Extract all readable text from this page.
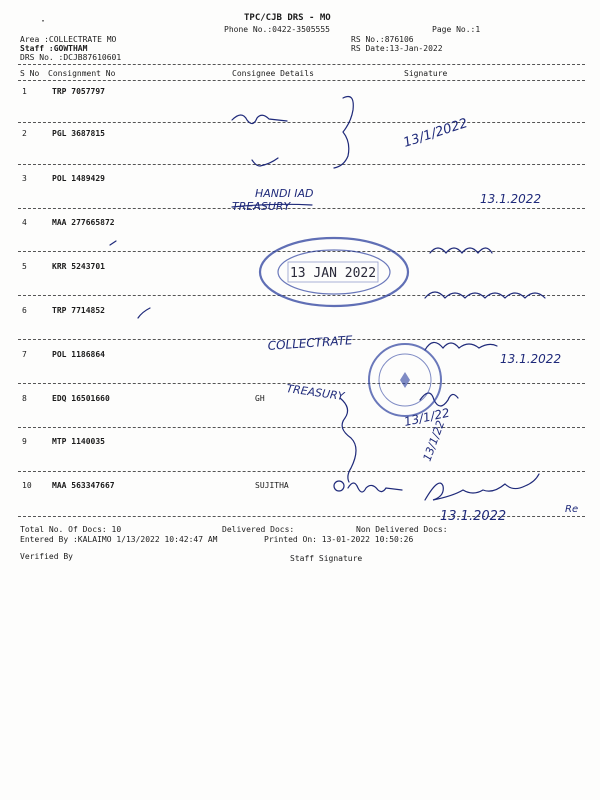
·	TPC/CJB DRS - MO
Phone No.:0422-3505555	Page No.:1
Area :COLLECTRATE MO
Staff :GOWTHAM
DRS No. :DCJB87610601
RS No.:876106
RS Date:13-Jan-2022
S No Consignment No	Consignee Details	Signature
1	TRP 7057797
2	PGL 3687815
3	POL 1489429
4	MAA 277665872
5	KRR 5243701
6	TRP 7714852
7	POL 1186864
8	EDQ 16501660	GH
9	MTP 1140035
10	MAA 563347667	SUJITHA
Total No. Of Docs: 10	Delivered Docs:	Non Delivered Docs:
Entered By :KALAIMO 1/13/2022 10:42:47 AM	Printed On: 13-01-2022 10:50:26
Verified By	Staff Signature
13 JAN 2022
13/1/2022
HANDI IAD
TREASURY
13.1.2022
COLLECTRATE
13.1.2022
TREASURY
13/1/22
13/1/22
13.1.2022	Re
